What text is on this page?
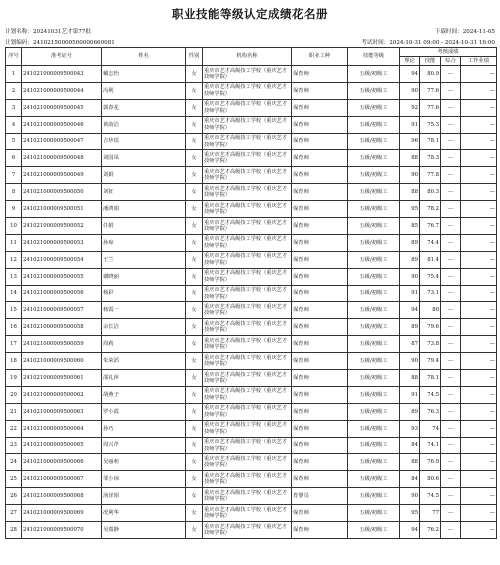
职业技能等级认定成绩花名册
计划名称：20241031艺才第77批	下载时间：2024-11-05
计划编码：24102150000500000660081	考试时间：2024-10-31 09:00 - 2024-10-31 16:00
序号	准考证号	姓名	性别	机构名称	职业工种	技能等级	考核成绩			
							理论	技能	综合	工作业绩
1	241021000009500043	戴志怡	女	重庆市艺才高级技工学校（重庆艺才技师学院）	保育师	五级/初级工	94	80.9	—	—
2	241021000009500044	冯利	女	重庆市艺才高级技工学校（重庆艺才技师学院）	保育师	五级/初级工	90	77.6	—	—
3	241021000009500045	郭春花	女	重庆市艺才高级技工学校（重庆艺才技师学院）	保育师	五级/初级工	92	77.6	—	—
4	241021000009500046	黄韵洁	女	重庆市艺才高级技工学校（重庆艺才技师学院）	保育师	五级/初级工	91	75.3	—	—
5	241021000009500047	吉珍瑶	女	重庆市艺才高级技工学校（重庆艺才技师学院）	保育师	五级/初级工	96	78.1	—	—
6	241021000009500048	刘国凤	女	重庆市艺才高级技工学校（重庆艺才技师学院）	保育师	五级/初级工	88	78.3	—	—
7	241021000009500049	刘娟	女	重庆市艺才高级技工学校（重庆艺才技师学院）	保育师	五级/初级工	90	77.8	—	—
8	241021000009500050	刘征	女	重庆市艺才高级技工学校（重庆艺才技师学院）	保育师	五级/初级工	88	80.3	—	—
9	241021000009500051	潘鸿娟	女	重庆市艺才高级技工学校（重庆艺才技师学院）	保育师	五级/初级工	95	78.2	—	—
10	241021000009500052	任娟	女	重庆市艺才高级技工学校（重庆艺才技师学院）	保育师	五级/初级工	85	76.7	—	—
11	241021000009500053	孙琼	女	重庆市艺才高级技工学校（重庆艺才技师学院）	保育师	五级/初级工	89	74.4	—	—
12	241021000009500054	王兰	女	重庆市艺才高级技工学校（重庆艺才技师学院）	保育师	五级/初级工	89	81.4	—	—
13	241021000009500055	谢晓丽	女	重庆市艺才高级技工学校（重庆艺才技师学院）	保育师	五级/初级工	90	75.4	—	—
14	241021000009500056	杨彩	女	重庆市艺才高级技工学校（重庆艺才技师学院）	保育师	五级/初级工	91	73.1	—	—
15	241021000009500057	杨霞一	女	重庆市艺才高级技工学校（重庆艺才技师学院）	保育师	五级/初级工	94	80	—	—
16	241021000009500058	余长洁	女	重庆市艺才高级技工学校（重庆艺才技师学院）	保育师	五级/初级工	89	79.6	—	—
17	241021000009500059	周莉	女	重庆市艺才高级技工学校（重庆艺才技师学院）	保育师	五级/初级工	87	73.8	—	—
18	241021000009500060	朱荣滔	女	重庆市艺才高级技工学校（重庆艺才技师学院）	保育师	五级/初级工	90	79.4	—	—
19	241021000009500061	邵礼萍	女	重庆市艺才高级技工学校（重庆艺才技师学院）	保育师	五级/初级工	88	78.1	—	—
20	241021000009500062	胡燕子	女	重庆市艺才高级技工学校（重庆艺才技师学院）	保育师	五级/初级工	91	74.5	—	—
21	241021000009500063	罗小霞	女	重庆市艺才高级技工学校（重庆艺才技师学院）	保育师	五级/初级工	89	76.3	—	—
22	241021000009500064	孙巧	女	重庆市艺才高级技工学校（重庆艺才技师学院）	保育师	五级/初级工	93	74	—	—
23	241021000009500065	周兴芹	女	重庆市艺才高级技工学校（重庆艺才技师学院）	保育师	五级/初级工	84	74.1	—	—
24	241021000009500066	吴丽莉	女	重庆市艺才高级技工学校（重庆艺才技师学院）	保育师	五级/初级工	88	76.9	—	—
25	241021000009500067	邹小琼	女	重庆市艺才高级技工学校（重庆艺才技师学院）	保育师	五级/初级工	84	80.6	—	—
26	241021000009500068	汤泽娟	女	重庆市艺才高级技工学校（重庆艺才技师学院）	育婴员	五级/初级工	90	74.5	—	—
27	241021000009500069	况利华	女	重庆市艺才高级技工学校（重庆艺才技师学院）	保育师	五级/初级工	95	77	—	—
28	241021000009500070	吴瑞静	女	重庆市艺才高级技工学校（重庆艺才技师学院）	保育师	五级/初级工	94	76.2	—	—
